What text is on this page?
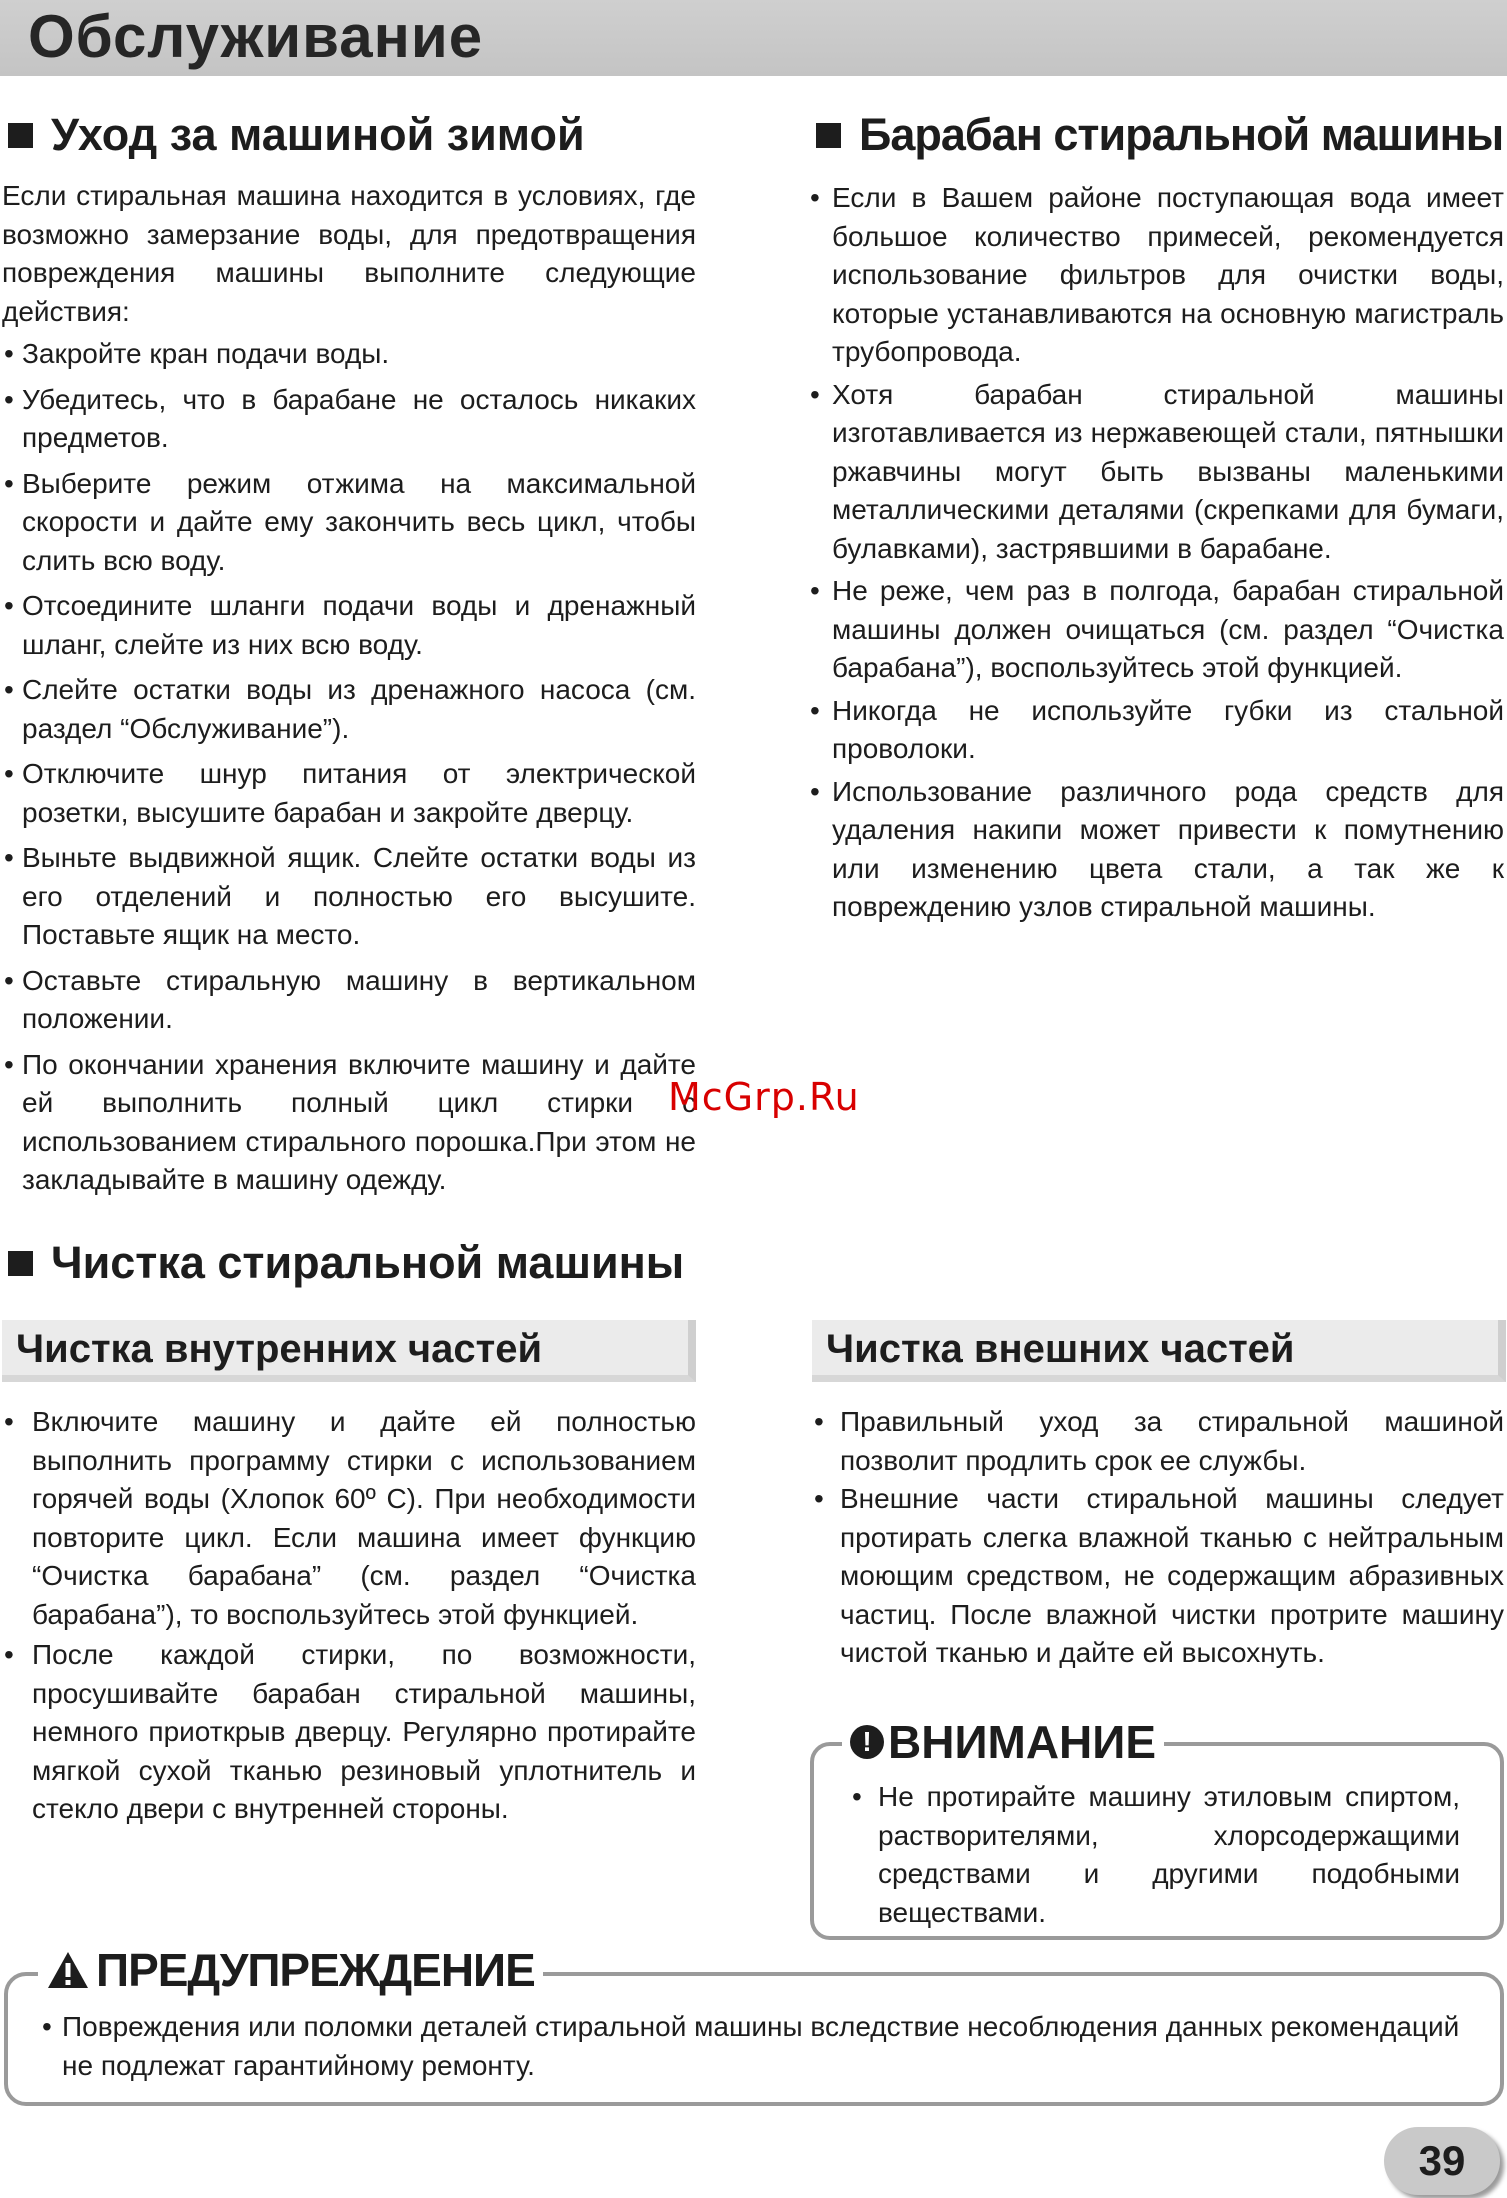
Обслуживание
Уход за машиной зимой

Если стиральная машина находится в условиях, где возможно замерзание воды, для предотвращения повреждения машины выполните следующие действия:

• Закройте кран подачи воды.
• Убедитесь, что в барабане не осталось никаких предметов.
• Выберите режим отжима на максимальной скорости и дайте ему закончить весь цикл, чтобы слить всю воду.
• Отсоедините шланги подачи воды и дренажный шланг, слейте из них всю воду.
• Слейте остатки воды из дренажного насоса (см. раздел “Обслуживание”).
• Отключите шнур питания от электрической розетки, высушите барабан и закройте дверцу.
• Выньте выдвижной ящик. Слейте остатки воды из его отделений и полностью его высушите. Поставьте ящик на место.
• Оставьте стиральную машину в вертикальном положении.
• По окончании хранения включите машину и дайте ей выполнить полный цикл стирки с использованием стирального порошка.При этом не закладывайте в машину одежду.
Барабан стиральной машины
• Если в Вашем районе поступающая вода имеет большое количество примесей, рекомендуется использование фильтров для очистки воды, которые устанавливаются на основную магистраль трубопровода.
• Хотя барабан стиральной машины изготавливается из нержавеющей стали, пятнышки ржавчины могут быть вызваны маленькими металлическими деталями (скрепками для бумаги, булавками), застрявшими в барабане.
• Не реже, чем раз в полгода, барабан стиральной машины должен очищаться (см. раздел “Очистка барабана”), воспользуйтесь этой функцией.
• Никогда не используйте губки из стальной проволоки.
• Использование различного рода средств для удаления накипи может привести к помутнению или изменению цвета стали, а так же к повреждению узлов стиральной машины.
Чистка стиральной машины
Чистка внутренних частей	Чистка внешних частей
• Включите машину и дайте ей полностью выполнить программу стирки с использованием горячей воды (Хлопок 60º С). При необходимости повторите цикл. Если машина имеет функцию “Очистка барабана” (см. раздел “Очистка барабана”), то воспользуйтесь этой функцией.
• После каждой стирки, по возможности, просушивайте барабан стиральной машины, немного приоткрыв дверцу. Регулярно протирайте мягкой сухой тканью резиновый уплотнитель и стекло двери с внутренней стороны.
• Правильный уход за стиральной машиной позволит продлить срок ее службы.
• Внешние части стиральной машины следует протирать слегка влажной тканью с нейтральным моющим средством, не содержащим абразивных частиц. После влажной чистки протрите машину чистой тканью и дайте ей высохнуть.
! ВНИМАНИЕ
• Не протирайте машину этиловым спиртом, растворителями, хлорсодержащими средствами и другими подобными веществами.
McGrp.Ru
ПРЕДУПРЕЖДЕНИЕ
• Повреждения или поломки деталей стиральной машины вследствие несоблюдения данных рекомендаций не подлежат гарантийному ремонту.
39
